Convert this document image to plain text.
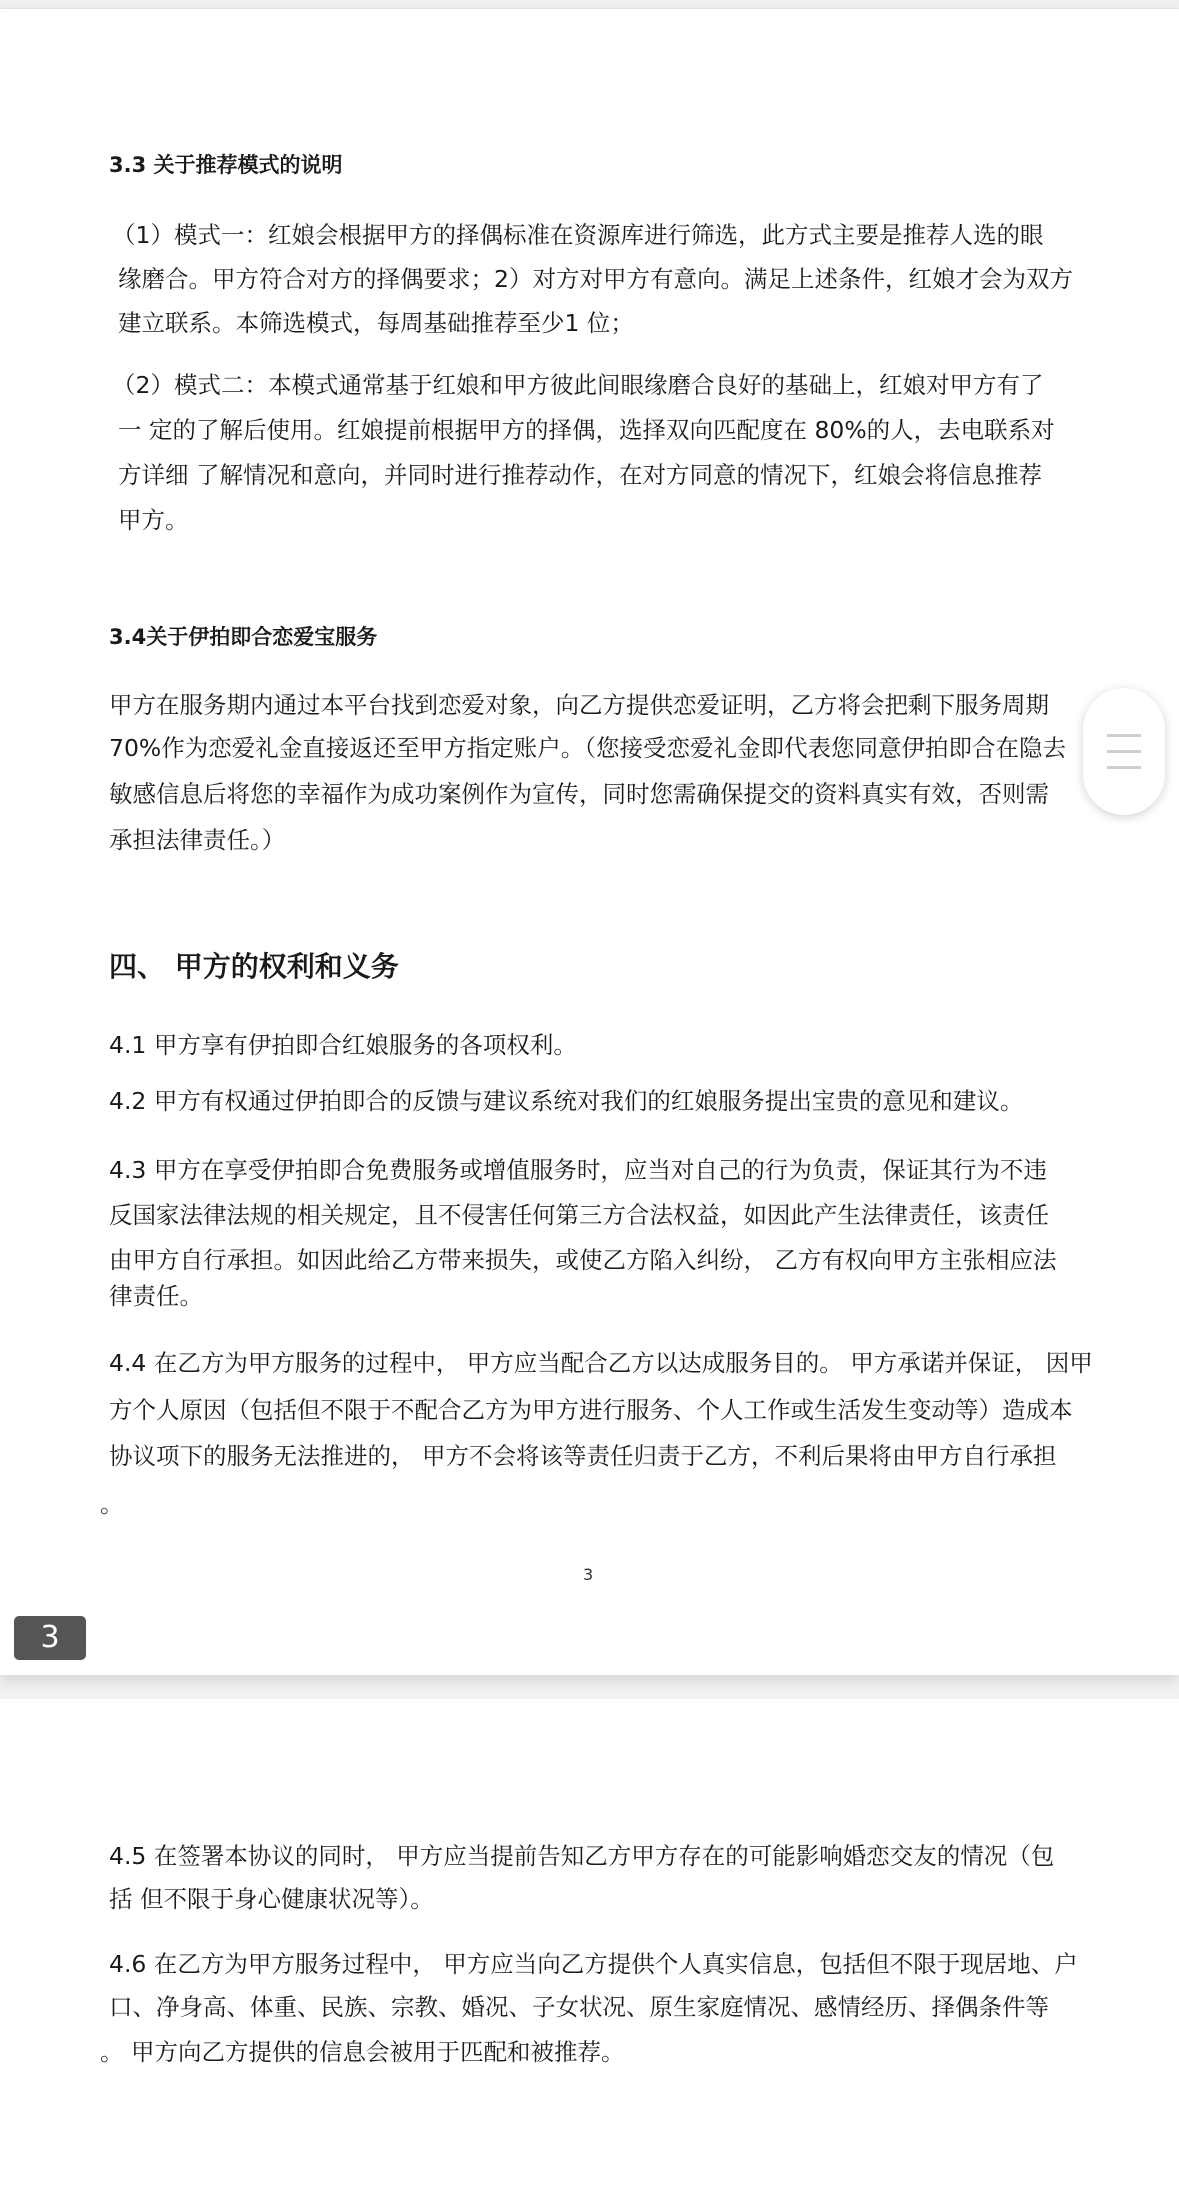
3.3 关于推荐模式的说明
（1）模式一：红娘会根据甲方的择偶标准在资源库进行筛选，此方式主要是推荐人选的眼
缘磨合。甲方符合对方的择偶要求；2）对方对甲方有意向。满足上述条件，红娘才会为双方
建立联系。本筛选模式，每周基础推荐至少1 位；
（2）模式二：本模式通常基于红娘和甲方彼此间眼缘磨合良好的基础上，红娘对甲方有了
一 定的了解后使用。红娘提前根据甲方的择偶，选择双向匹配度在 80%的人，去电联系对
方详细 了解情况和意向，并同时进行推荐动作，在对方同意的情况下，红娘会将信息推荐
甲方。
3.4关于伊拍即合恋爱宝服务
甲方在服务期内通过本平台找到恋爱对象，向乙方提供恋爱证明，乙方将会把剩下服务周期
70%作为恋爱礼金直接返还至甲方指定账户。（您接受恋爱礼金即代表您同意伊拍即合在隐去
敏感信息后将您的幸福作为成功案例作为宣传，同时您需确保提交的资料真实有效，否则需
承担法律责任。）
四、 甲方的权利和义务
4.1 甲方享有伊拍即合红娘服务的各项权利。
4.2 甲方有权通过伊拍即合的反馈与建议系统对我们的红娘服务提出宝贵的意见和建议。
4.3 甲方在享受伊拍即合免费服务或增值服务时，应当对自己的行为负责，保证其行为不违
反国家法律法规的相关规定，且不侵害任何第三方合法权益，如因此产生法律责任，该责任
由甲方自行承担。如因此给乙方带来损失，或使乙方陷入纠纷， 乙方有权向甲方主张相应法
律责任。
4.4 在乙方为甲方服务的过程中， 甲方应当配合乙方以达成服务目的。 甲方承诺并保证， 因甲
方个人原因（包括但不限于不配合乙方为甲方进行服务、个人工作或生活发生变动等）造成本
协议项下的服务无法推进的， 甲方不会将该等责任归责于乙方，不利后果将由甲方自行承担
。
3
3
4.5 在签署本协议的同时， 甲方应当提前告知乙方甲方存在的可能影响婚恋交友的情况（包
括 但不限于身心健康状况等）。
4.6 在乙方为甲方服务过程中， 甲方应当向乙方提供个人真实信息，包括但不限于现居地、户
口、净身高、体重、民族、宗教、婚况、子女状况、原生家庭情况、感情经历、择偶条件等
。 甲方向乙方提供的信息会被用于匹配和被推荐。
